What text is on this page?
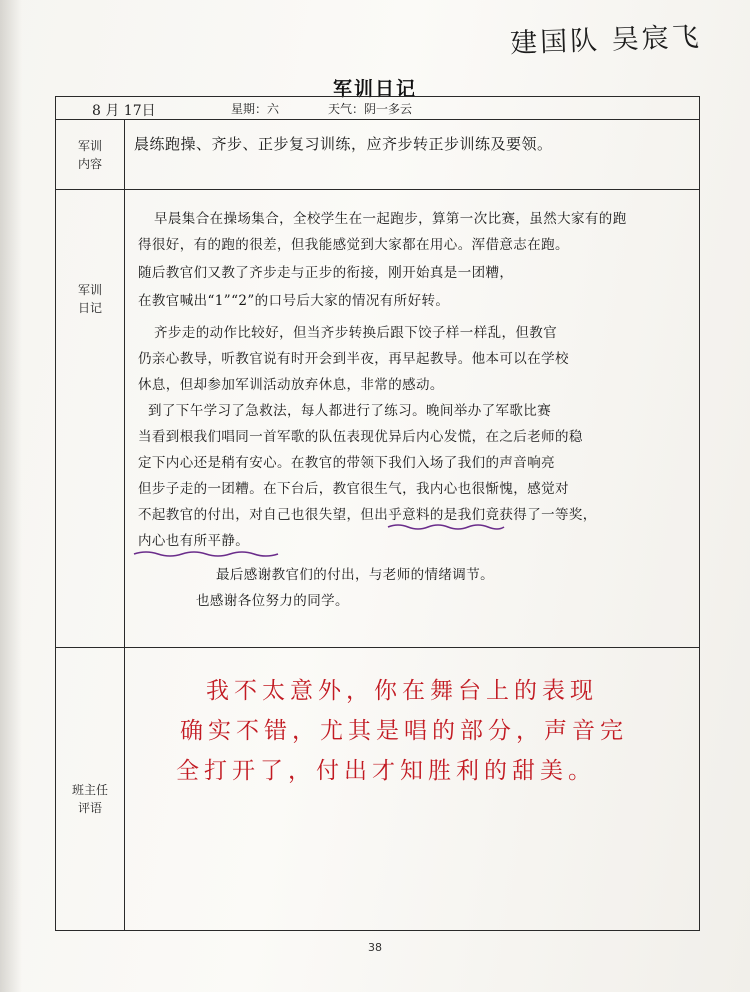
建国队 吴宸飞
军训日记
8 月 17日	星期：六	天气：阴一多云
军训
内容
军训
日记
班主任
评语
晨练跑操、齐步、正步复习训练，应齐步转正步训练及要领。
早晨集合在操场集合，全校学生在一起跑步，算第一次比赛，虽然大家有的跑
得很好，有的跑的很差，但我能感觉到大家都在用心。浑借意志在跑。
随后教官们又教了齐步走与正步的衔接，刚开始真是一团糟，
在教官喊出“1”“2”的口号后大家的情况有所好转。
齐步走的动作比较好，但当齐步转换后跟下饺子样一样乱，但教官
仍亲心教导，听教官说有时开会到半夜，再早起教导。他本可以在学校
休息，但却参加军训活动放弃休息，非常的感动。
到了下午学习了急救法，每人都进行了练习。晚间举办了军歌比赛
当看到根我们唱同一首军歌的队伍表现优异后内心发慌，在之后老师的稳
定下内心还是稍有安心。在教官的带领下我们入场了我们的声音响亮
但步子走的一团糟。在下台后，教官很生气，我内心也很惭愧，感觉对
不起教官的付出，对自己也很失望，但出乎意料的是我们竟获得了一等奖，
内心也有所平静。
最后感谢教官们的付出，与老师的情绪调节。
也感谢各位努力的同学。
我不太意外，你在舞台上的表现
确实不错，尤其是唱的部分，声音完
全打开了，付出才知胜利的甜美。
38
